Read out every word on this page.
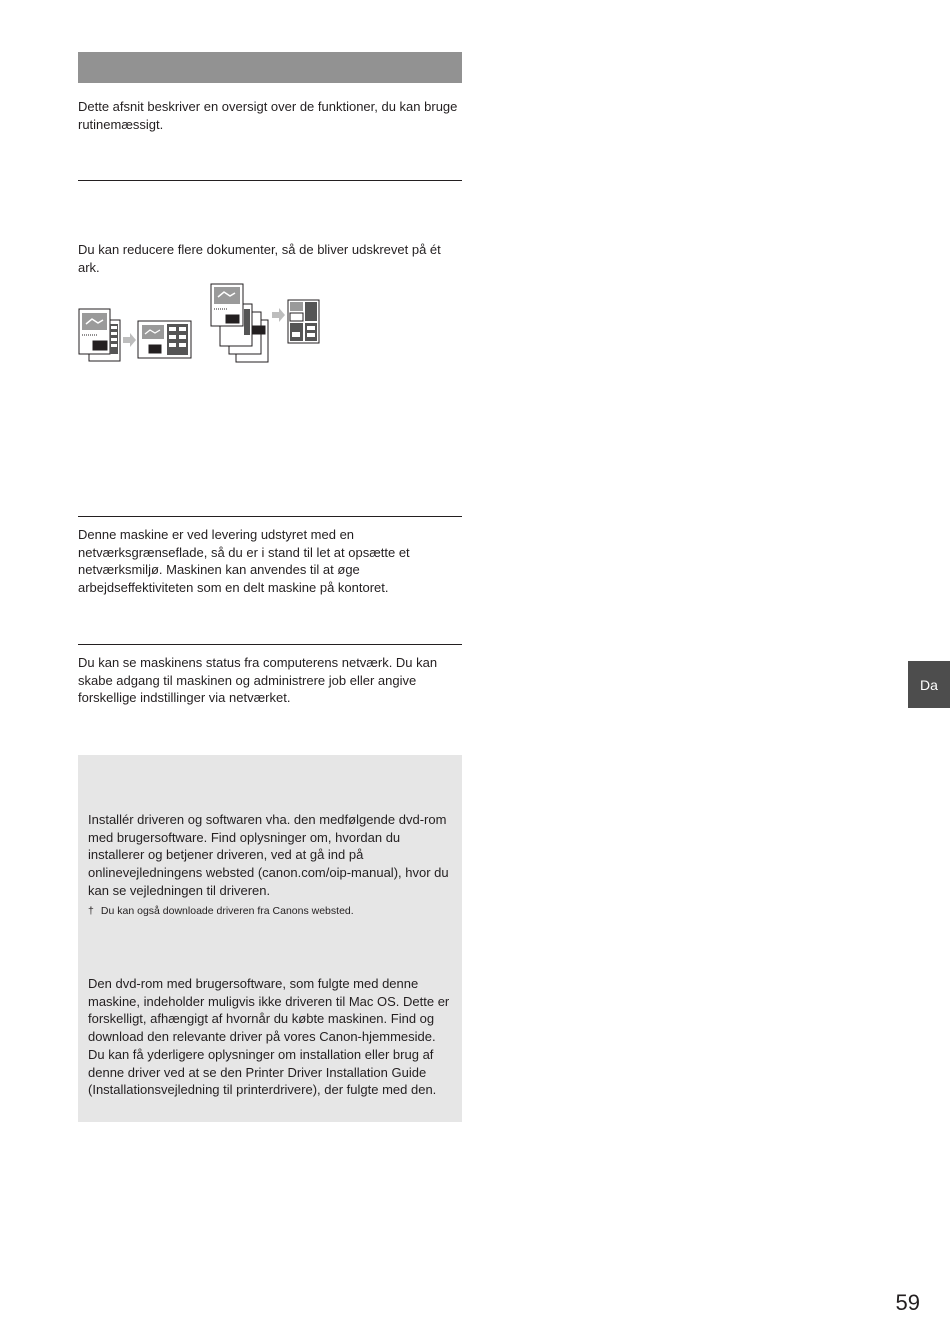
Dette afsnit beskriver en oversigt over de funktioner, du kan bruge rutinemæssigt.
Du kan reducere flere dokumenter, så de bliver udskrevet på ét ark.
Denne maskine er ved levering udstyret med en netværksgrænseflade, så du er i stand til let at opsætte et netværksmiljø. Maskinen kan anvendes til at øge arbejdseffektiviteten som en delt maskine på kontoret.
Du kan se maskinens status fra computerens netværk. Du kan skabe adgang til maskinen og administrere job eller angive forskellige indstillinger via netværket.
Installér driveren og softwaren vha. den medfølgende dvd-rom med brugersoftware. Find oplysninger om, hvordan du installerer og betjener driveren, ved at gå ind på onlinevejledningens websted (canon.com/oip-manual), hvor du kan se vejledningen til driveren.
† Du kan også downloade driveren fra Canons websted.
Den dvd-rom med brugersoftware, som fulgte med denne maskine, indeholder muligvis ikke driveren til Mac OS. Dette er forskelligt, afhængigt af hvornår du købte maskinen. Find og download den relevante driver på vores Canon-hjemmeside. Du kan få yderligere oplysninger om installation eller brug af denne driver ved at se den Printer Driver Installation Guide (Installationsvejledning til printerdrivere), der fulgte med den.
Da
59
